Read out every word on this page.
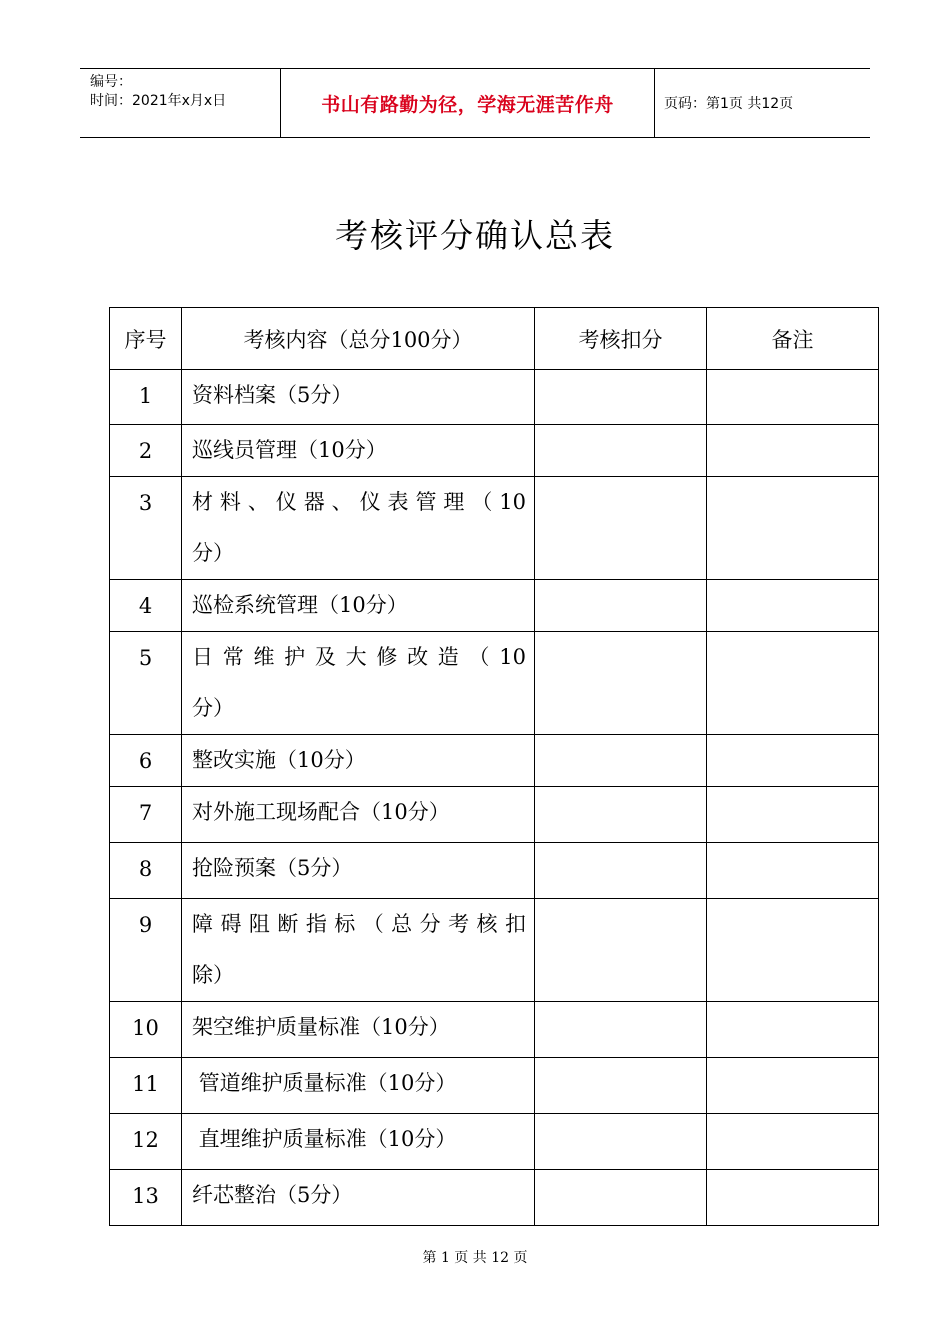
编号：
时间：2021年x月x日	书山有路勤为径，学海无涯苦作舟	页码：第1页 共12页
考核评分确认总表
序号	考核内容（总分100分）	考核扣分	备注
1	资料档案（5分）		
2	巡线员管理（10分）		
3	材料、仪器、仪表管理（10
分）		

4	巡检系统管理（10分）		
5	日常维护及大修改造（10
分）		

6	整改实施（10分）		
7	对外施工现场配合（10分）		
8	抢险预案（5分）		
9	障碍阻断指标（总分考核扣
除）		

10	架空维护质量标准（10分）		
11	管道维护质量标准（10分）		
12	直埋维护质量标准（10分）		
13	纤芯整治（5分）		
第 1 页 共 12 页
